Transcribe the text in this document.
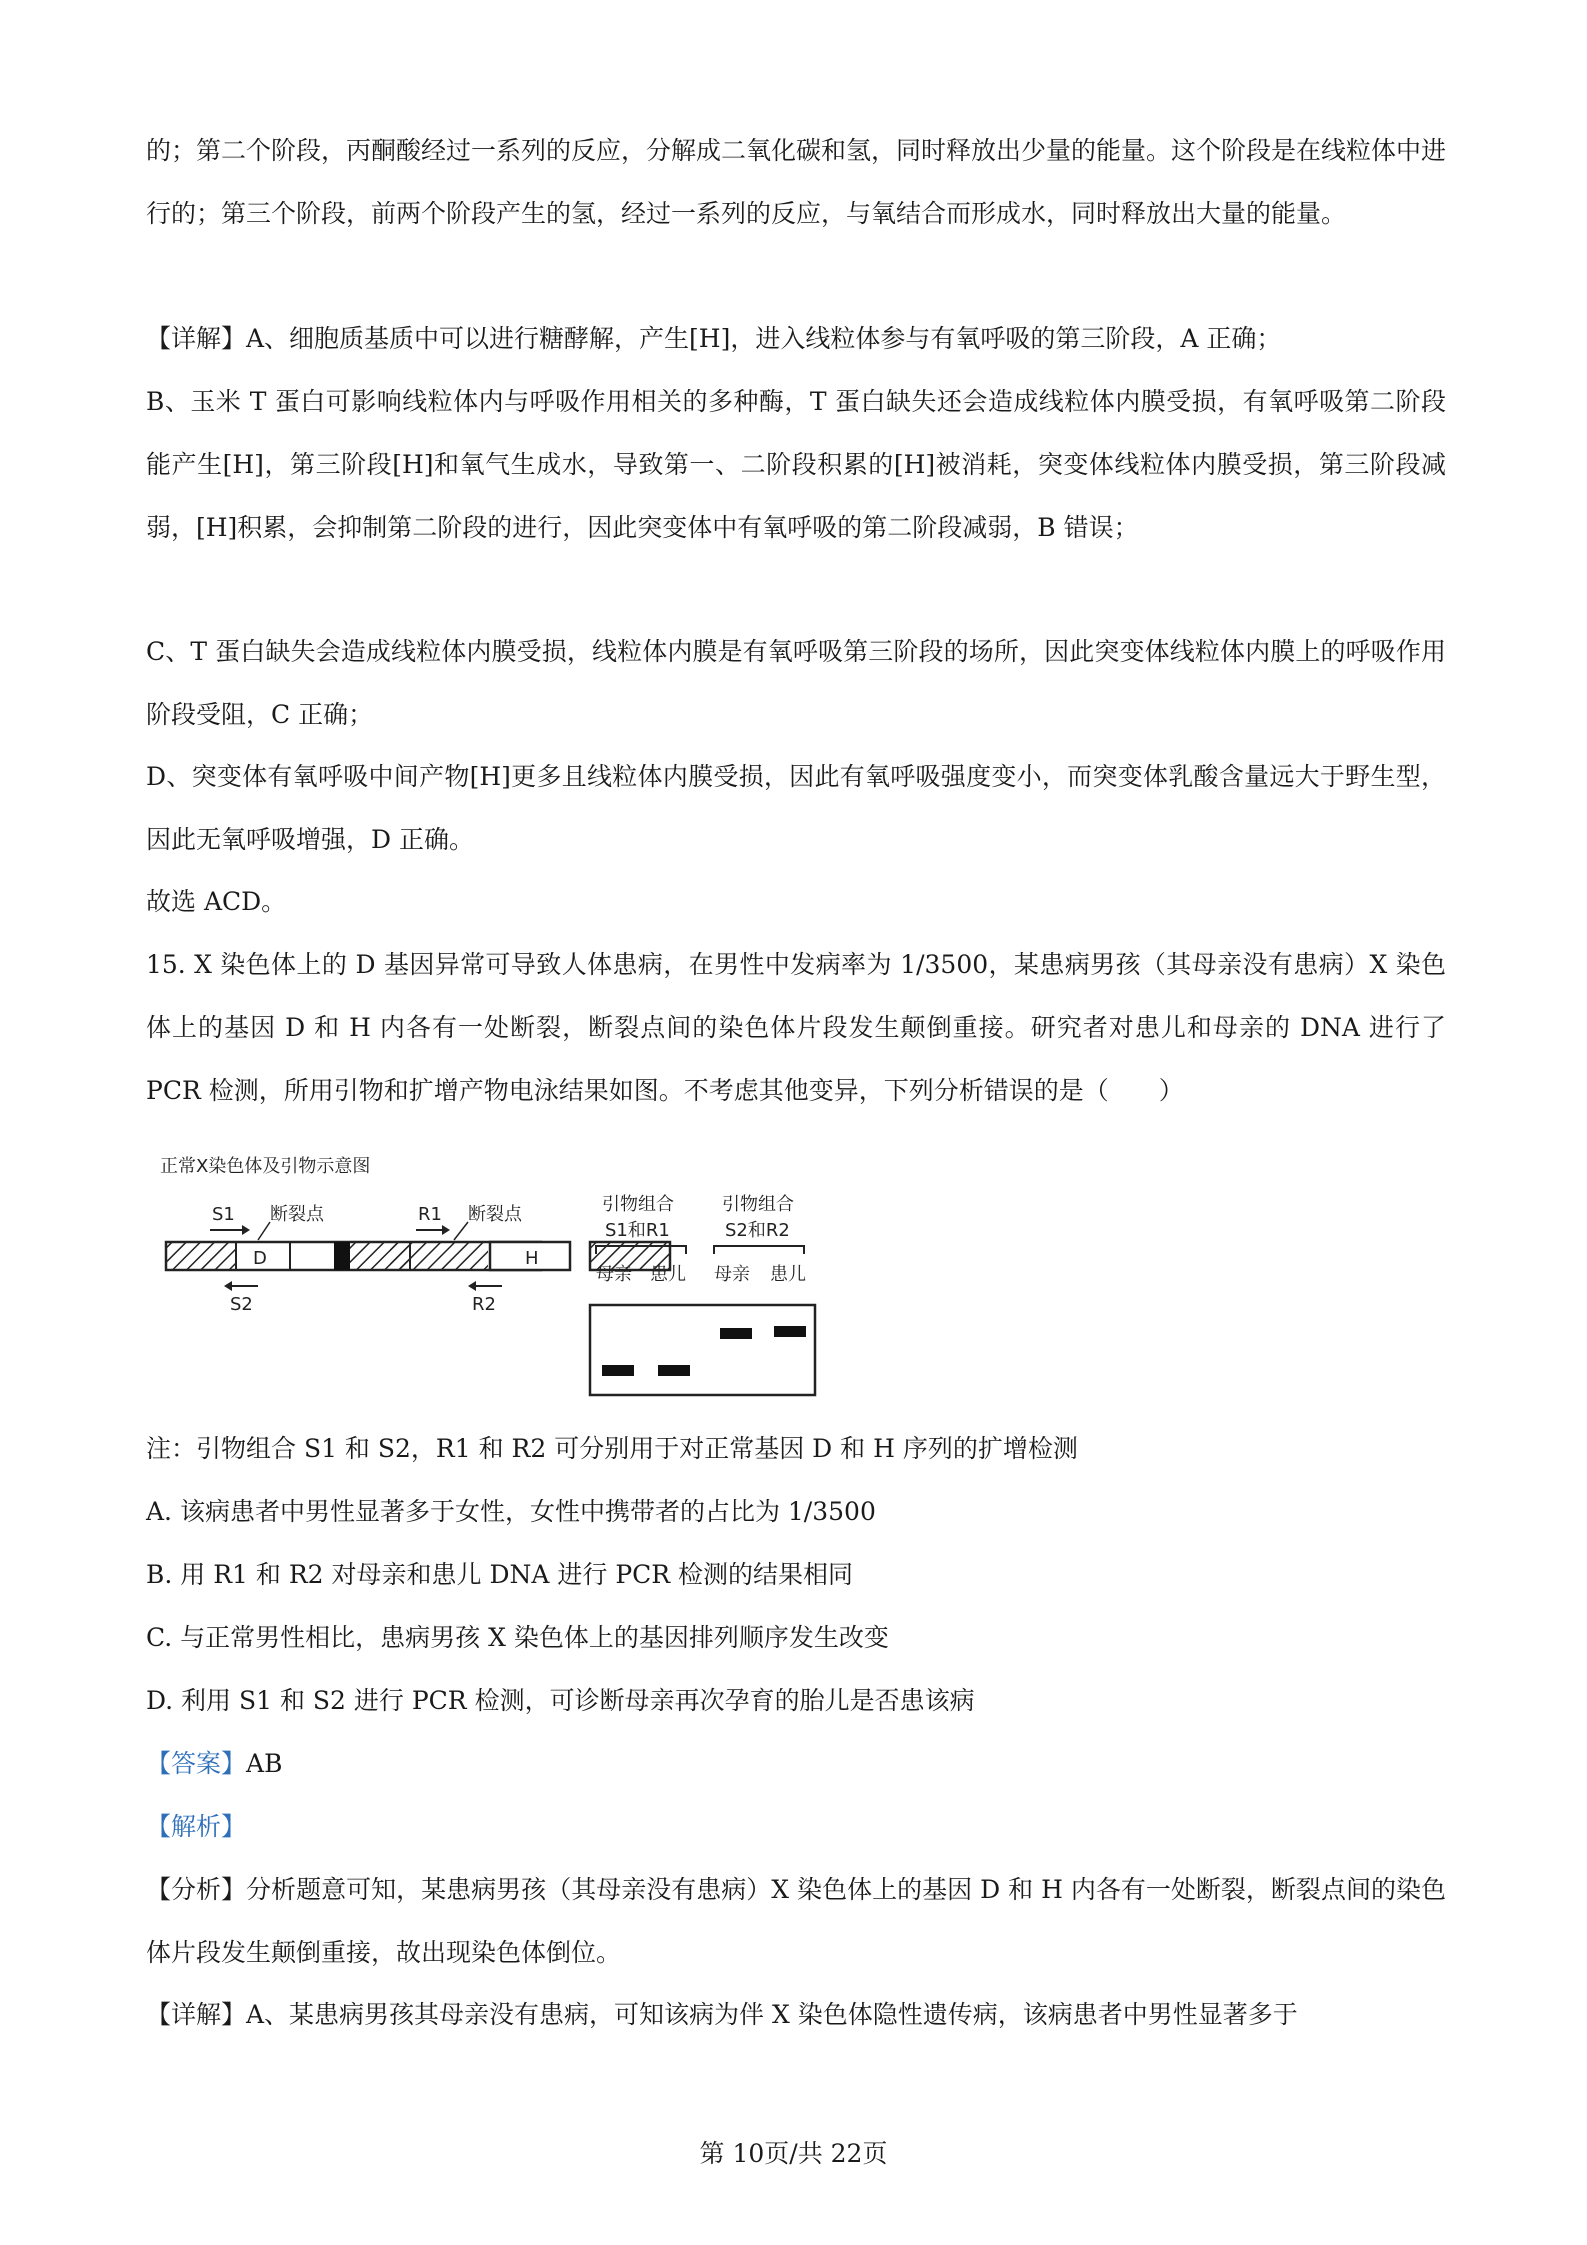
的；第二个阶段，丙酮酸经过一系列的反应，分解成二氧化碳和氢，同时释放出少量的能量。这个阶段是在线粒体中进行的；第三个阶段，前两个阶段产生的氢，经过一系列的反应，与氧结合而形成水，同时释放出大量的能量。
【详解】A、细胞质基质中可以进行糖酵解，产生[H]，进入线粒体参与有氧呼吸的第三阶段，A 正确；
B、玉米 T 蛋白可影响线粒体内与呼吸作用相关的多种酶，T 蛋白缺失还会造成线粒体内膜受损，有氧呼吸第二阶段能产生[H]，第三阶段[H]和氧气生成水，导致第一、二阶段积累的[H]被消耗，突变体线粒体内膜受损，第三阶段减弱，[H]积累，会抑制第二阶段的进行，因此突变体中有氧呼吸的第二阶段减弱，B 错误；
C、T 蛋白缺失会造成线粒体内膜受损，线粒体内膜是有氧呼吸第三阶段的场所，因此突变体线粒体内膜上的呼吸作用阶段受阻，C 正确；
D、突变体有氧呼吸中间产物[H]更多且线粒体内膜受损，因此有氧呼吸强度变小，而突变体乳酸含量远大于野生型，因此无氧呼吸增强，D 正确。
故选 ACD。
15. X 染色体上的 D 基因异常可导致人体患病，在男性中发病率为 1/3500，某患病男孩（其母亲没有患病）X 染色体上的基因 D 和 H 内各有一处断裂，断裂点间的染色体片段发生颠倒重接。研究者对患儿和母亲的 DNA 进行了 PCR 检测，所用引物和扩增产物电泳结果如图。不考虑其他变异，下列分析错误的是（　　）
正常X染色体及引物示意图
D	H
S1 断裂点
S2
R1 断裂点
R2
引物组合
S1和R1
引物组合
S2和R2
母亲 患儿 母亲 患儿
注：引物组合 S1 和 S2，R1 和 R2 可分别用于对正常基因 D 和 H 序列的扩增检测
A. 该病患者中男性显著多于女性，女性中携带者的占比为 1/3500
B. 用 R1 和 R2 对母亲和患儿 DNA 进行 PCR 检测的结果相同
C. 与正常男性相比，患病男孩 X 染色体上的基因排列顺序发生改变
D. 利用 S1 和 S2 进行 PCR 检测，可诊断母亲再次孕育的胎儿是否患该病
【答案】AB
【解析】
【分析】分析题意可知，某患病男孩（其母亲没有患病）X 染色体上的基因 D 和 H 内各有一处断裂，断裂点间的染色体片段发生颠倒重接，故出现染色体倒位。
【详解】A、某患病男孩其母亲没有患病，可知该病为伴 X 染色体隐性遗传病，该病患者中男性显著多于
第 10页/共 22页
